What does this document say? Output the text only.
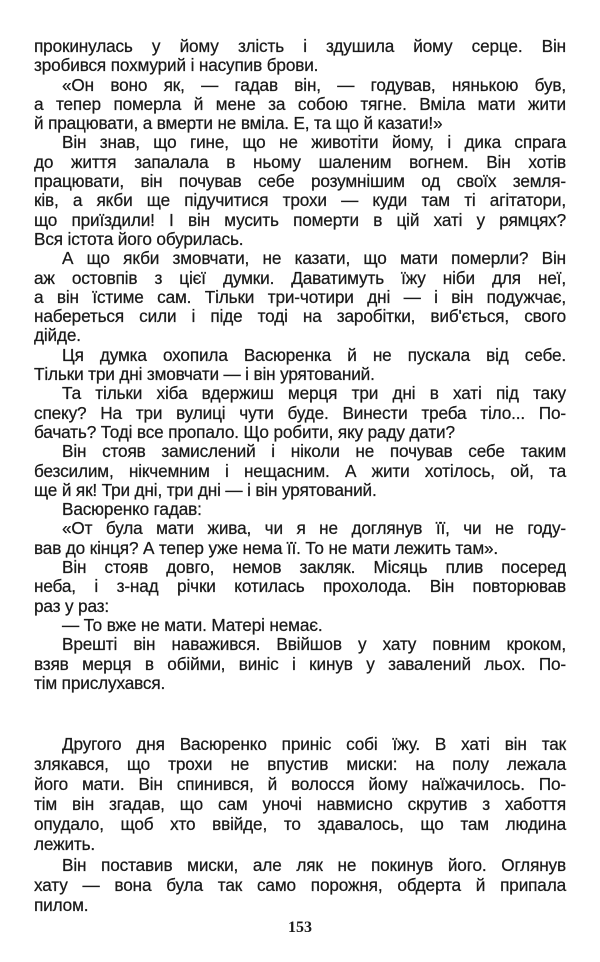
прокинулась у йому злість і здушила йому серце. Він
зробився похмурий і насупив брови.
«Он воно як, — гадав він, — годував, нянькою був,
а тепер померла й мене за собою тягне. Вміла мати жити
й працювати, а вмерти не вміла. Е, та що й казати!»
Він знав, що гине, що не животіти йому, і дика спрага
до життя запалала в ньому шаленим вогнем. Він хотів
працювати, він почував себе розумнішим од своїх земля-
ків, а якби ще підучитися трохи — куди там ті агітатори,
що приїздили! І він мусить померти в цій хаті у рямцях?
Вся істота його обурилась.
А що якби змовчати, не казати, що мати померли? Він
аж остовпів з цієї думки. Даватимуть їжу ніби для неї,
а він їстиме сам. Тільки три-чотири дні — і він подужчає,
набереться сили і піде тоді на заробітки, виб'ється, свого
дійде.
Ця думка охопила Васюренка й не пускала від себе.
Тільки три дні змовчати — і він урятований.
Та тільки хіба вдержиш мерця три дні в хаті під таку
спеку? На три вулиці чути буде. Винести треба тіло... По-
бачать? Тоді все пропало. Що робити, яку раду дати?
Він стояв замислений і ніколи не почував себе таким
безсилим, нікчемним і нещасним. А жити хотілось, ой, та
ще й як! Три дні, три дні — і він урятований.
Васюренко гадав:
«От була мати жива, чи я не доглянув її, чи не году-
вав до кінця? А тепер уже нема її. То не мати лежить там».
Він стояв довго, немов закляк. Місяць плив посеред
неба, і з-над річки котилась прохолода. Він повторював
раз у раз:
— То вже не мати. Матері немає.
Врешті він наважився. Ввійшов у хату повним кроком,
взяв мерця в обійми, виніс і кинув у завалений льох. По-
тім прислухався.
Другого дня Васюренко приніс собі їжу. В хаті він так
злякався, що трохи не впустив миски: на полу лежала
його мати. Він спинився, й волосся йому наїжачилось. По-
тім він згадав, що сам уночі навмисно скрутив з хабоття
опудало, щоб хто ввійде, то здавалось, що там людина
лежить.
Він поставив миски, але ляк не покинув його. Оглянув
хату — вона була так само порожня, обдерта й припала
пилом.
153
